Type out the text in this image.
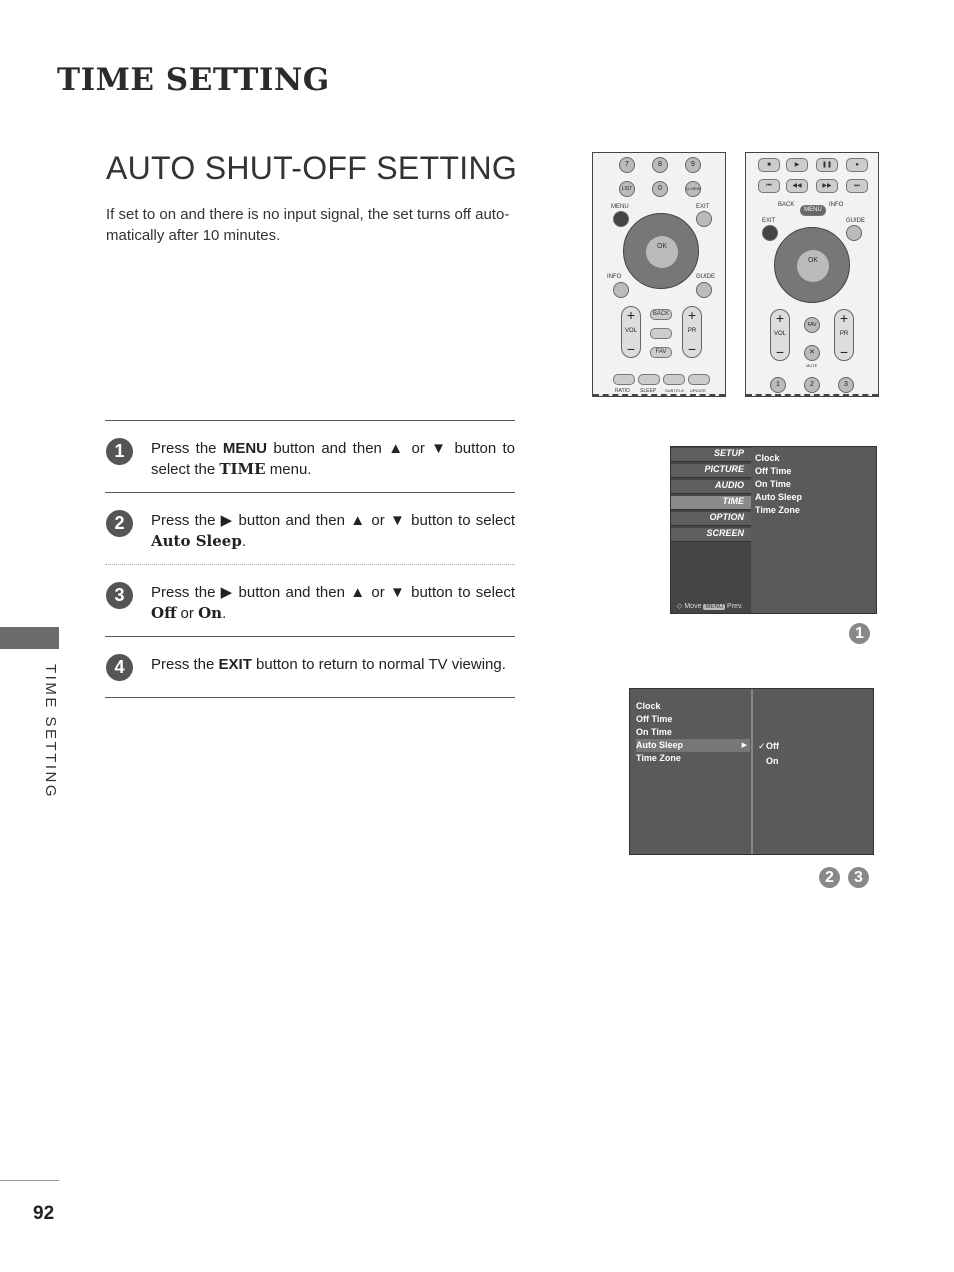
TIME SETTING
AUTO SHUT-OFF SETTING

If set to on and there is no input signal, the set turns off auto-matically after 10 minutes.

TIME SETTING
92
1	Press the MENU button and then ▲ or ▼ button to select the TIME menu.
2	Press the ▶ button and then ▲ or ▼ button to select Auto Sleep.
3	Press the ▶ button and then ▲ or ▼ button to select Off or On.
4	Press the EXIT button to return to normal TV viewing.
7	8	9
LIST	0	Q.VIEW
MENU	EXIT
OK
INFO	GUIDE
+
VOL
−
BACK
FAV
+
PR
−
RATIO SLEEP SUBTITLE UPDATE
■	▶	❚❚	●
⏮	◀◀	▶▶	⏭
BACK
MENU
INFO
EXIT	GUIDE
OK
+
VOL
−
FAV
✕
MUTE
+
PR
−
1	2	3
SETUP
PICTURE
AUDIO
TIME
OPTION
SCREEN
Clock
Off Time
On Time
Auto Sleep
Time Zone
◇ Move MENU Prev.
1
Clock
Off Time
On Time
Auto Sleep ▶
Time Zone
✓Off
On
2	3
